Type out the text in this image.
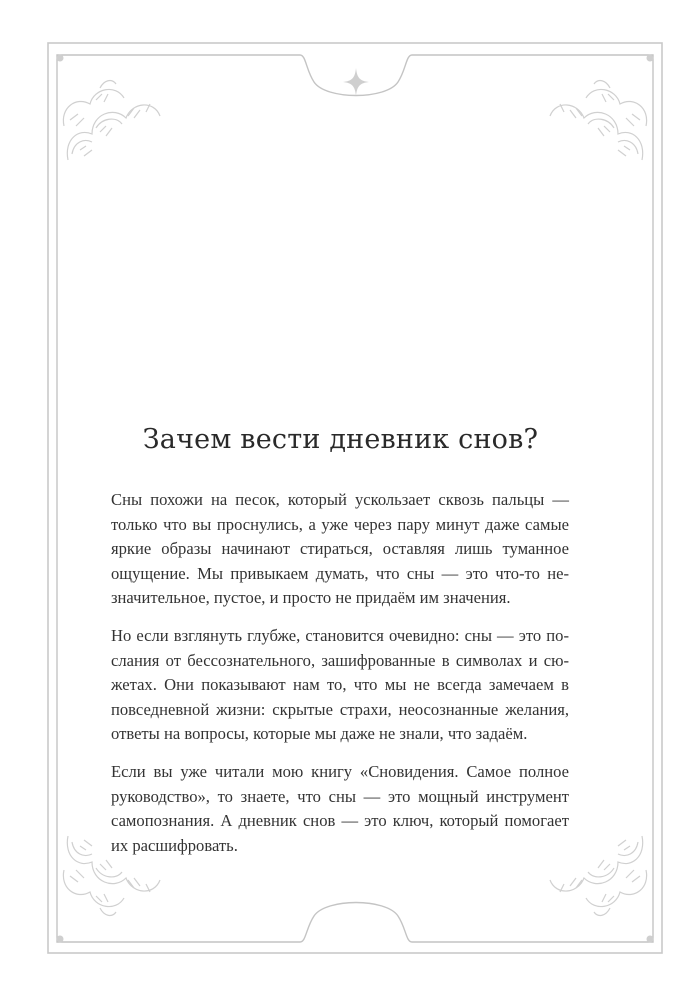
Зачем вести дневник снов?

Сны похожи на песок, который ускользает сквозь пальцы —
только что вы проснулись, а уже через пару минут даже самые
яркие образы начинают стираться, оставляя лишь туманное
ощущение. Мы привыкаем думать, что сны — это что-то не-
значительное, пустое, и просто не придаём им значения.

Но если взглянуть глубже, становится очевидно: сны — это по-
слания от бессознательного, зашифрованные в символах и сю-
жетах. Они показывают нам то, что мы не всегда замечаем в
повседневной жизни: скрытые страхи, неосознанные желания,
ответы на вопросы, которые мы даже не знали, что задаём.

Если вы уже читали мою книгу «Сновидения. Самое полное
руководство», то знаете, что сны — это мощный инструмент
самопознания. А дневник снов — это ключ, который помогает
их расшифровать.
